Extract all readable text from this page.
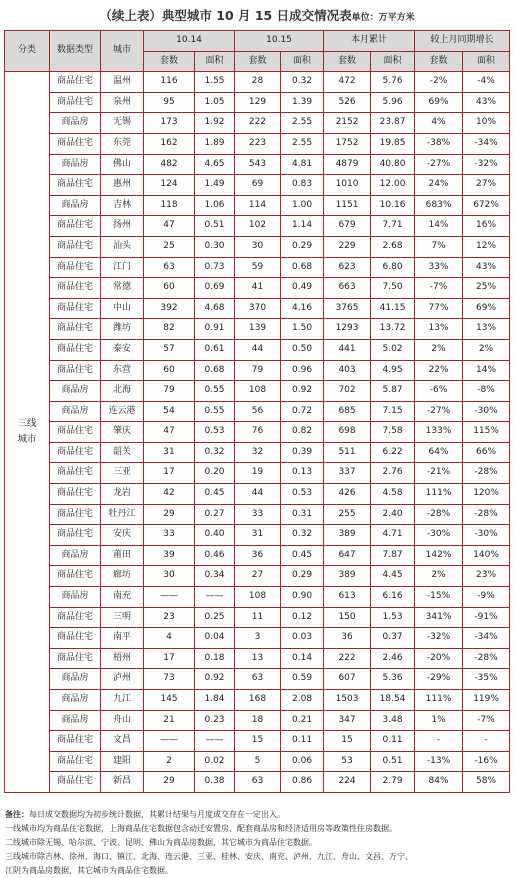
（续上表）典型城市 10 月 15 日成交情况表单位：万平方米
分类	数据类型	城市	10.14		10.15		本月累计		较上月同期增长	
			套数	面积	套数	面积	套数	面积	套数	面积

三线城市	商品住宅	温州	116	1.55	28	0.32	472	5.76	-2%	-4%
	商品住宅	泉州	95	1.05	129	1.39	526	5.96	69%	43%
	商品房	无锡	173	1.92	222	2.55	2152	23.87	4%	10%
	商品住宅	东莞	162	1.89	223	2.55	1752	19.85	-38%	-34%
	商品房	佛山	482	4.65	543	4.81	4879	40.80	-27%	-32%
	商品住宅	惠州	124	1.49	69	0.83	1010	12.00	24%	27%
	商品房	吉林	118	1.06	114	1.00	1151	10.16	683%	672%
	商品住宅	扬州	47	0.51	102	1.14	679	7.71	14%	16%
	商品住宅	汕头	25	0.30	30	0.29	229	2.68	7%	12%
	商品住宅	江门	63	0.73	59	0.68	623	6.80	33%	43%
	商品住宅	常德	60	0.69	41	0.49	663	7.50	-7%	25%
	商品住宅	中山	392	4.68	370	4.16	3765	41.15	77%	69%
	商品住宅	潍坊	82	0.91	139	1.50	1293	13.72	13%	13%
	商品住宅	泰安	57	0.61	44	0.50	441	5.02	2%	2%
	商品住宅	东营	60	0.68	79	0.96	403	4.95	22%	14%
	商品房	北海	79	0.55	108	0.92	702	5.87	-6%	-8%
	商品房	连云港	54	0.55	56	0.72	685	7.15	-27%	-30%
	商品住宅	肇庆	47	0.53	76	0.82	698	7.58	133%	115%
	商品住宅	韶关	31	0.32	32	0.39	511	6.22	64%	66%
	商品住宅	三亚	17	0.20	19	0.13	337	2.76	-21%	-28%
	商品住宅	龙岩	42	0.45	44	0.53	426	4.58	111%	120%
	商品住宅	牡丹江	29	0.27	33	0.31	255	2.40	-28%	-28%
	商品住宅	安庆	33	0.40	31	0.32	389	4.71	-30%	-30%
	商品房	莆田	39	0.46	36	0.45	647	7.87	142%	140%
	商品住宅	廊坊	30	0.34	27	0.29	389	4.45	2%	23%
	商品房	南充	——	——	108	0.90	613	6.16	-15%	-9%
	商品住宅	三明	23	0.25	11	0.12	150	1.53	341%	-91%
	商品住宅	南平	4	0.04	3	0.03	36	0.37	-32%	-34%
	商品住宅	梧州	17	0.18	13	0.14	222	2.46	-20%	-28%
	商品房	泸州	73	0.92	63	0.59	607	5.36	-29%	-35%
	商品房	九江	145	1.84	168	2.08	1503	18.54	111%	119%
	商品房	舟山	21	0.23	18	0.21	347	3.48	1%	-7%
	商品住宅	文昌	——	——	15	0.11	15	0.11	-	-
	商品住宅	建阳	2	0.02	5	0.06	53	0.51	-13%	-16%
	商品住宅	新昌	29	0.38	63	0.86	224	2.79	84%	58%
备注：每日成交数据均为初步统计数据，其累计结果与月度成交存在一定出入。
一线城市均为商品住宅数据，上海商品住宅数据包含动迁安置房、配套商品房和经济适用房等政策性住房数据。
二线城市除无锡、哈尔滨、宁波、昆明、佛山为商品房数据，其它城市为商品住宅数据。
三线城市除吉林、徐州、海口、镇江、北海、连云港、三亚、桂林、安庆、南充、泸州、九江、舟山、文昌、万宁、
江阴为商品房数据，其它城市为商品住宅数据。
